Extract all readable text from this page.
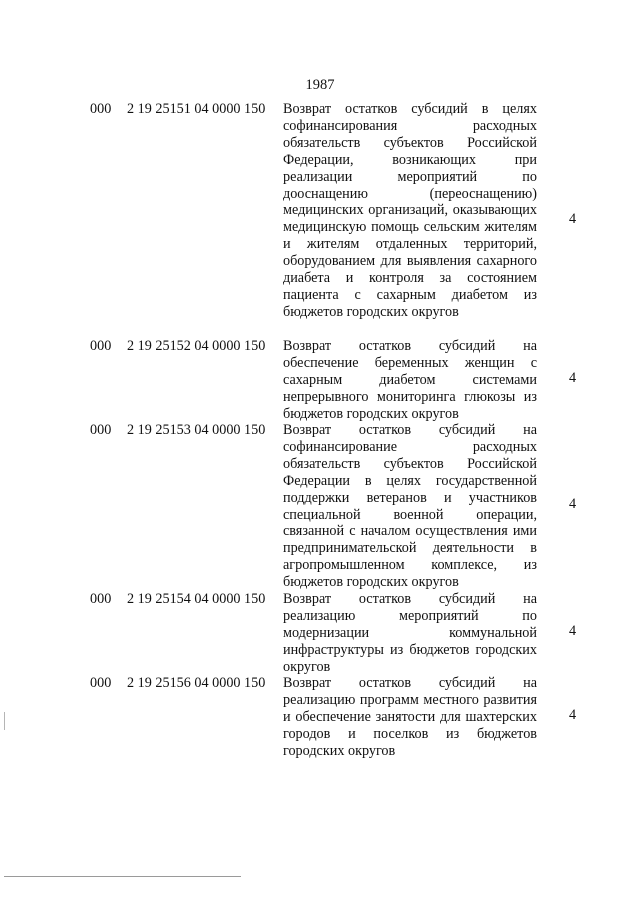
1987
000 2 19 25151 04 0000 150 Возврат остатков субсидий в целях софинансирования расходных обязательств субъектов Российской Федерации, возникающих при реализации мероприятий по дооснащению (переоснащению) медицинских организаций, оказывающих медицинскую помощь сельским жителям и жителям отдаленных территорий, оборудованием для выявления сахарного диабета и контроля за состоянием пациента с сахарным диабетом из бюджетов городских округов
4
000 2 19 25152 04 0000 150 Возврат остатков субсидий на обеспечение беременных женщин с сахарным диабетом системами непрерывного мониторинга глюкозы из бюджетов городских округов
4
000 2 19 25153 04 0000 150 Возврат остатков субсидий на софинансирование расходных обязательств субъектов Российской Федерации в целях государственной поддержки ветеранов и участников специальной военной операции, связанной с началом осуществления ими предпринимательской деятельности в агропромышленном комплексе, из бюджетов городских округов
4
000 2 19 25154 04 0000 150 Возврат остатков субсидий на реализацию мероприятий по модернизации коммунальной инфраструктуры из бюджетов городских округов
4
000 2 19 25156 04 0000 150 Возврат остатков субсидий на реализацию программ местного развития и обеспечение занятости для шахтерских городов и поселков из бюджетов городских округов
4
